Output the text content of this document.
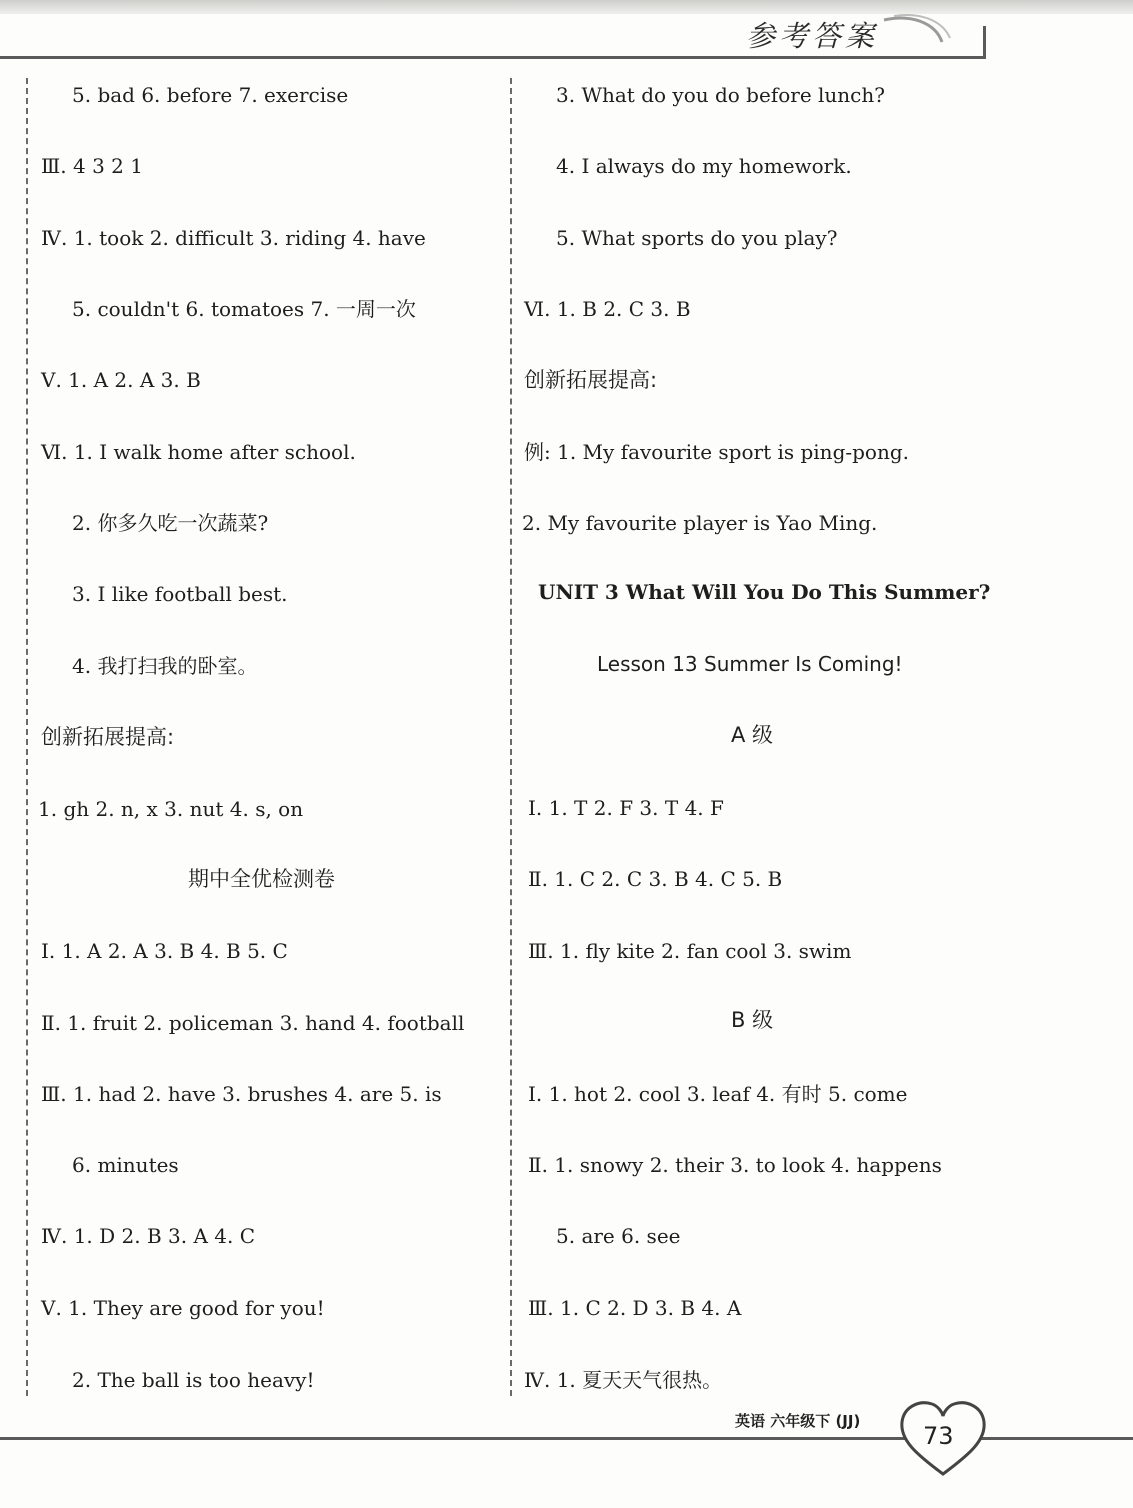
参考答案
5. bad 6. before 7. exercise
Ⅲ. 4 3 2 1
Ⅳ. 1. took 2. difficult 3. riding 4. have
5. couldn't 6. tomatoes 7. 一周一次
Ⅴ. 1. A 2. A 3. B
Ⅵ. 1. I walk home after school.
2. 你多久吃一次蔬菜?
3. I like football best.
4. 我打扫我的卧室。
创新拓展提高:
1. gh 2. n, x 3. nut 4. s, on
期中全优检测卷
Ⅰ. 1. A 2. A 3. B 4. B 5. C
Ⅱ. 1. fruit 2. policeman 3. hand 4. football
Ⅲ. 1. had 2. have 3. brushes 4. are 5. is
6. minutes
Ⅳ. 1. D 2. B 3. A 4. C
Ⅴ. 1. They are good for you!
2. The ball is too heavy!
3. What do you do before lunch?
4. I always do my homework.
5. What sports do you play?
Ⅵ. 1. B 2. C 3. B
创新拓展提高:
例: 1. My favourite sport is ping-pong.
2. My favourite player is Yao Ming.
UNIT 3 What Will You Do This Summer?
Lesson 13 Summer Is Coming!
A 级
Ⅰ. 1. T 2. F 3. T 4. F
Ⅱ. 1. C 2. C 3. B 4. C 5. B
Ⅲ. 1. fly kite 2. fan cool 3. swim
B 级
Ⅰ. 1. hot 2. cool 3. leaf 4. 有时 5. come
Ⅱ. 1. snowy 2. their 3. to look 4. happens
5. are 6. see
Ⅲ. 1. C 2. D 3. B 4. A
Ⅳ. 1. 夏天天气很热。
英语 六年级下 (JJ)
73
